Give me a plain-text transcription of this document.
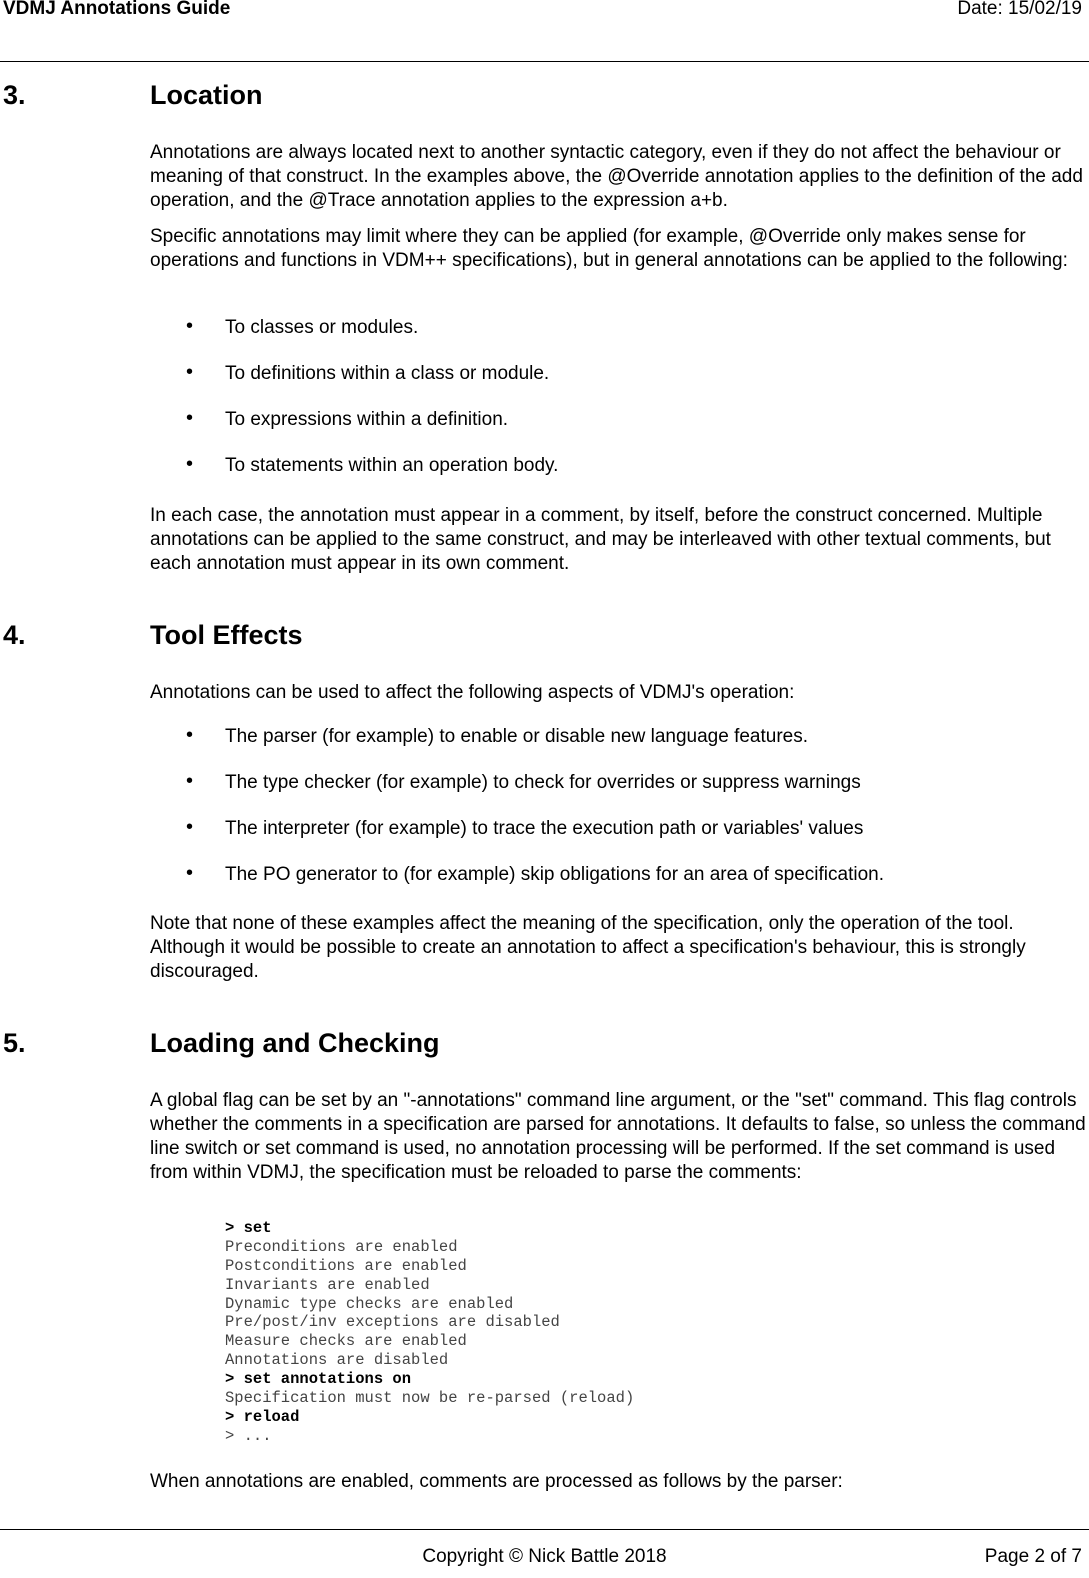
VDMJ Annotations Guide	Date: 15/02/19
3.	Location

Annotations are always located next to another syntactic category, even if they do not affect the behaviour or meaning of that construct. In the examples above, the @Override annotation applies to the definition of the add operation, and the @Trace annotation applies to the expression a+b.

Specific annotations may limit where they can be applied (for example, @Override only makes sense for operations and functions in VDM++ specifications), but in general annotations can be applied to the following:

• To classes or modules.
• To definitions within a class or module.
• To expressions within a definition.
• To statements within an operation body.

In each case, the annotation must appear in a comment, by itself, before the construct concerned. Multiple annotations can be applied to the same construct, and may be interleaved with other textual comments, but each annotation must appear in its own comment.

4.	Tool Effects

Annotations can be used to affect the following aspects of VDMJ's operation:

• The parser (for example) to enable or disable new language features.
• The type checker (for example) to check for overrides or suppress warnings
• The interpreter (for example) to trace the execution path or variables' values
• The PO generator to (for example) skip obligations for an area of specification.

Note that none of these examples affect the meaning of the specification, only the operation of the tool. Although it would be possible to create an annotation to affect a specification's behaviour, this is strongly discouraged.

5.	Loading and Checking

A global flag can be set by an "-annotations" command line argument, or the "set" command. This flag controls whether the comments in a specification are parsed for annotations. It defaults to false, so unless the command line switch or set command is used, no annotation processing will be performed. If the set command is used from within VDMJ, the specification must be reloaded to parse the comments:

> set
Preconditions are enabled
Postconditions are enabled
Invariants are enabled
Dynamic type checks are enabled
Pre/post/inv exceptions are disabled
Measure checks are enabled
Annotations are disabled
> set annotations on
Specification must now be re-parsed (reload)
> reload
> ...

When annotations are enabled, comments are processed as follows by the parser:

Copyright © Nick Battle 2018	Page 2 of 7
